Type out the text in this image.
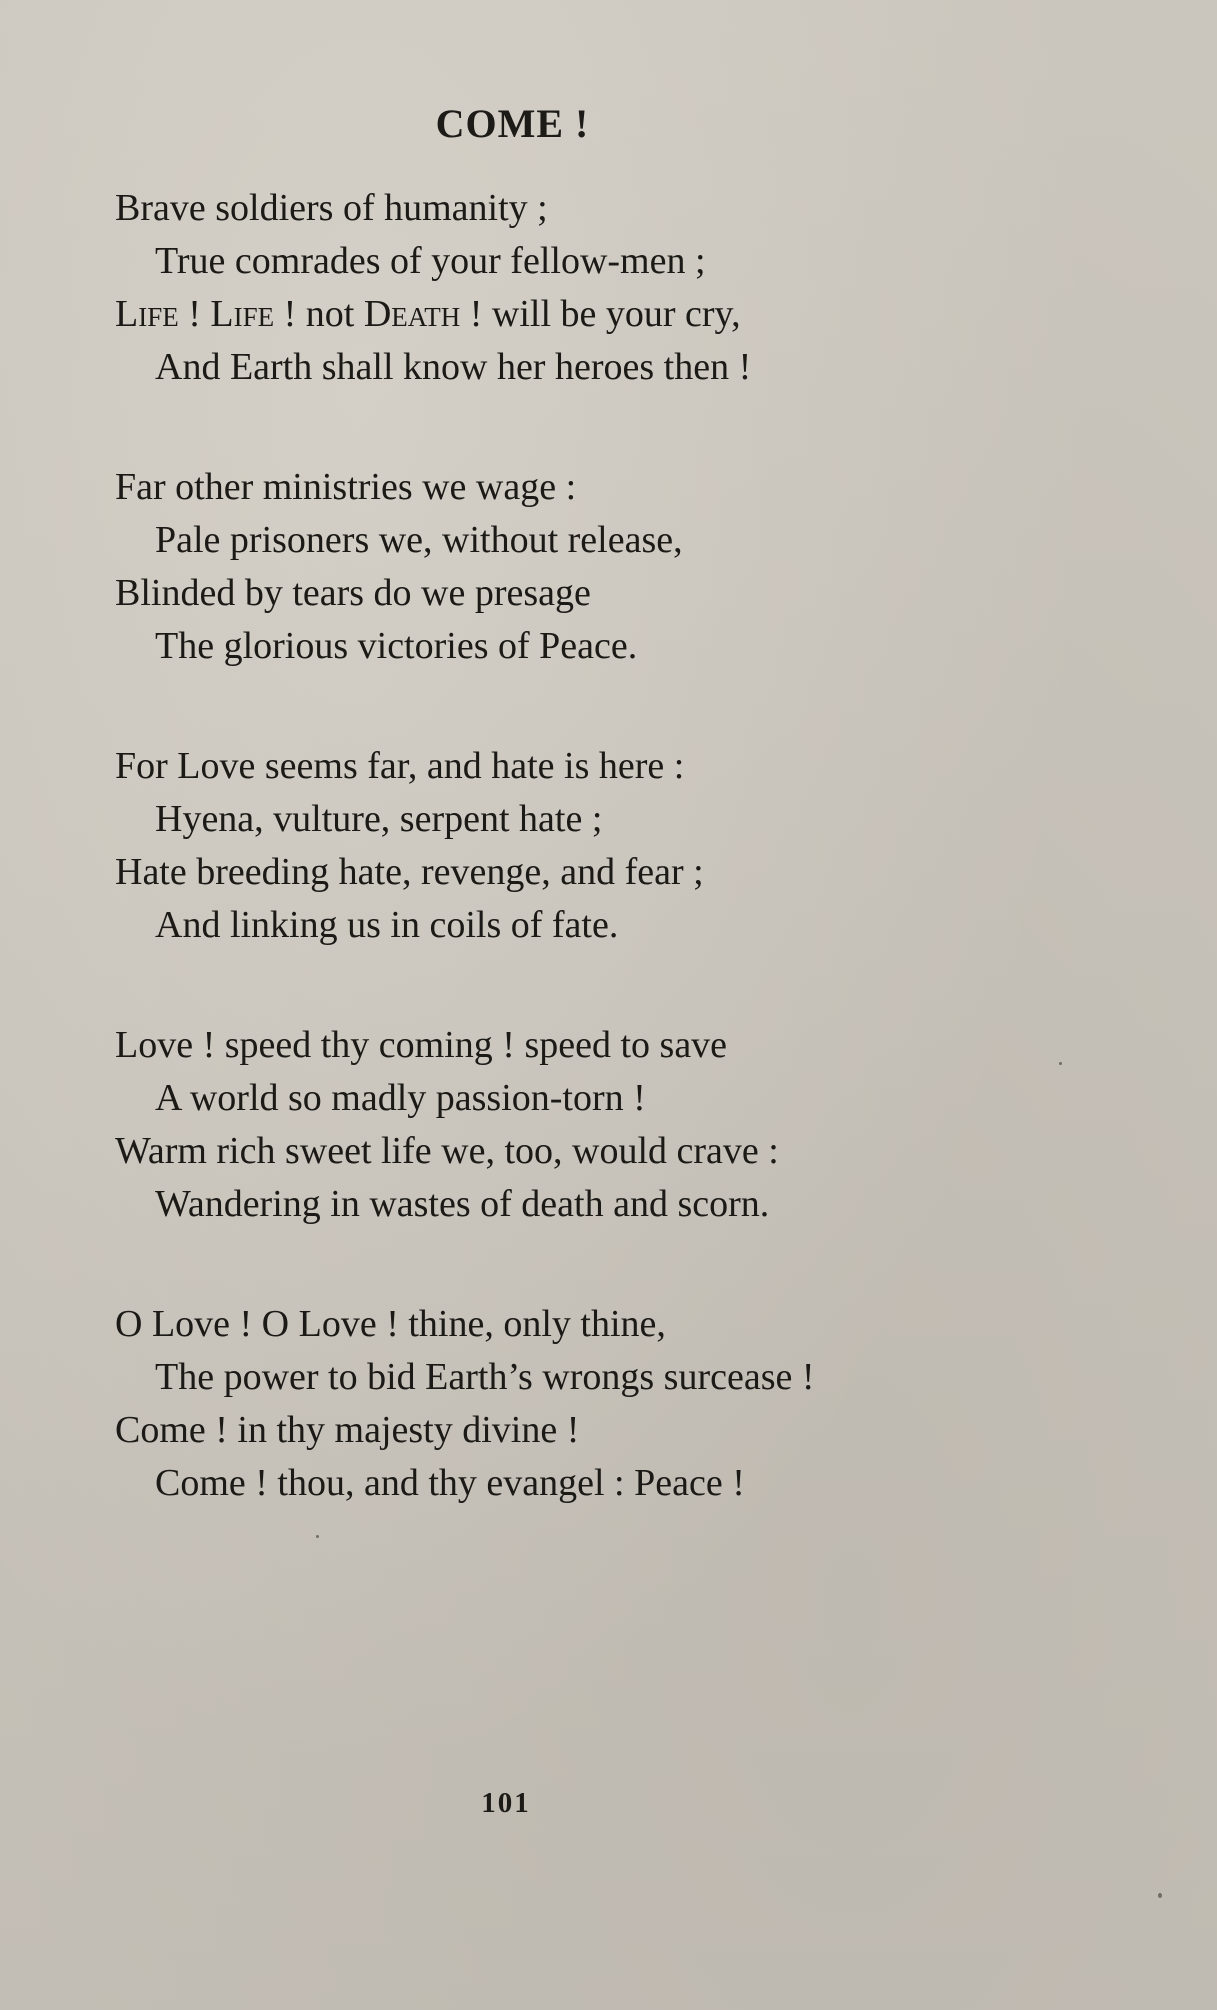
COME !
Brave soldiers of humanity ;
True comrades of your fellow-men ;
Life ! Life ! not Death ! will be your cry,
And Earth shall know her heroes then !
Far other ministries we wage :
Pale prisoners we, without release,
Blinded by tears do we presage
The glorious victories of Peace.
For Love seems far, and hate is here :
Hyena, vulture, serpent hate ;
Hate breeding hate, revenge, and fear ;
And linking us in coils of fate.
Love ! speed thy coming ! speed to save
A world so madly passion-torn !
Warm rich sweet life we, too, would crave :
Wandering in wastes of death and scorn.
O Love ! O Love ! thine, only thine,
The power to bid Earth’s wrongs surcease !
Come ! in thy majesty divine !
Come ! thou, and thy evangel : Peace !
101
